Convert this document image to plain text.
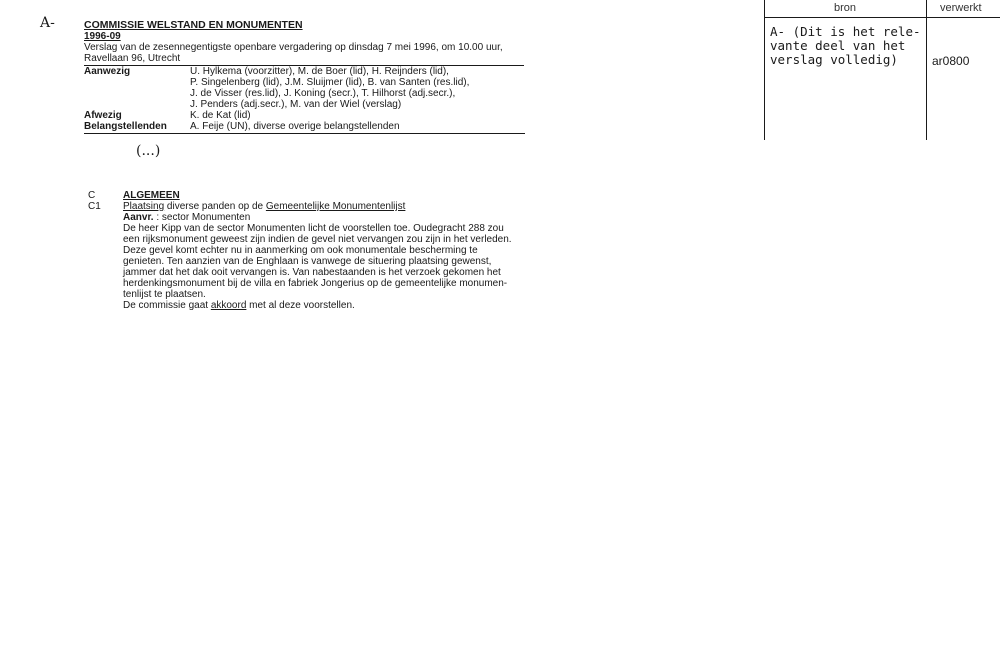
A-	COMMISSIE WELSTAND EN MONUMENTEN
1996-09
Verslag van de zesennegentigste openbare vergadering op dinsdag 7 mei 1996, om 10.00 uur,
Ravellaan 96, Utrecht
Aanwezig	U. Hylkema (voorzitter), M. de Boer (lid), H. Reijnders (lid),
P. Singelenberg (lid), J.M. Sluijmer (lid), B. van Santen (res.lid),
J. de Visser (res.lid), J. Koning (secr.), T. Hilhorst (adj.secr.),
J. Penders (adj.secr.), M. van der Wiel (verslag)
Afwezig	K. de Kat (lid)
Belangstellenden	A. Feije (UN), diverse overige belangstellenden
(...)
C	ALGEMEEN
C1	Plaatsing diverse panden op de Gemeentelijke Monumentenlijst
Aanvr. : sector Monumenten
De heer Kipp van de sector Monumenten licht de voorstellen toe. Oudegracht 288 zou
een rijksmonument geweest zijn indien de gevel niet vervangen zou zijn in het verleden.
Deze gevel komt echter nu in aanmerking om ook monumentale bescherming te
genieten. Ten aanzien van de Enghlaan is vanwege de situering plaatsing gewenst,
jammer dat het dak ooit vervangen is. Van nabestaanden is het verzoek gekomen het
herdenkingsmonument bij de villa en fabriek Jongerius op de gemeentelijke monumen-
tenlijst te plaatsen.
De commissie gaat akkoord met al deze voorstellen.
bron	verwerkt
A- (Dit is het rele-
vante deel van het
verslag volledig)	ar0800
